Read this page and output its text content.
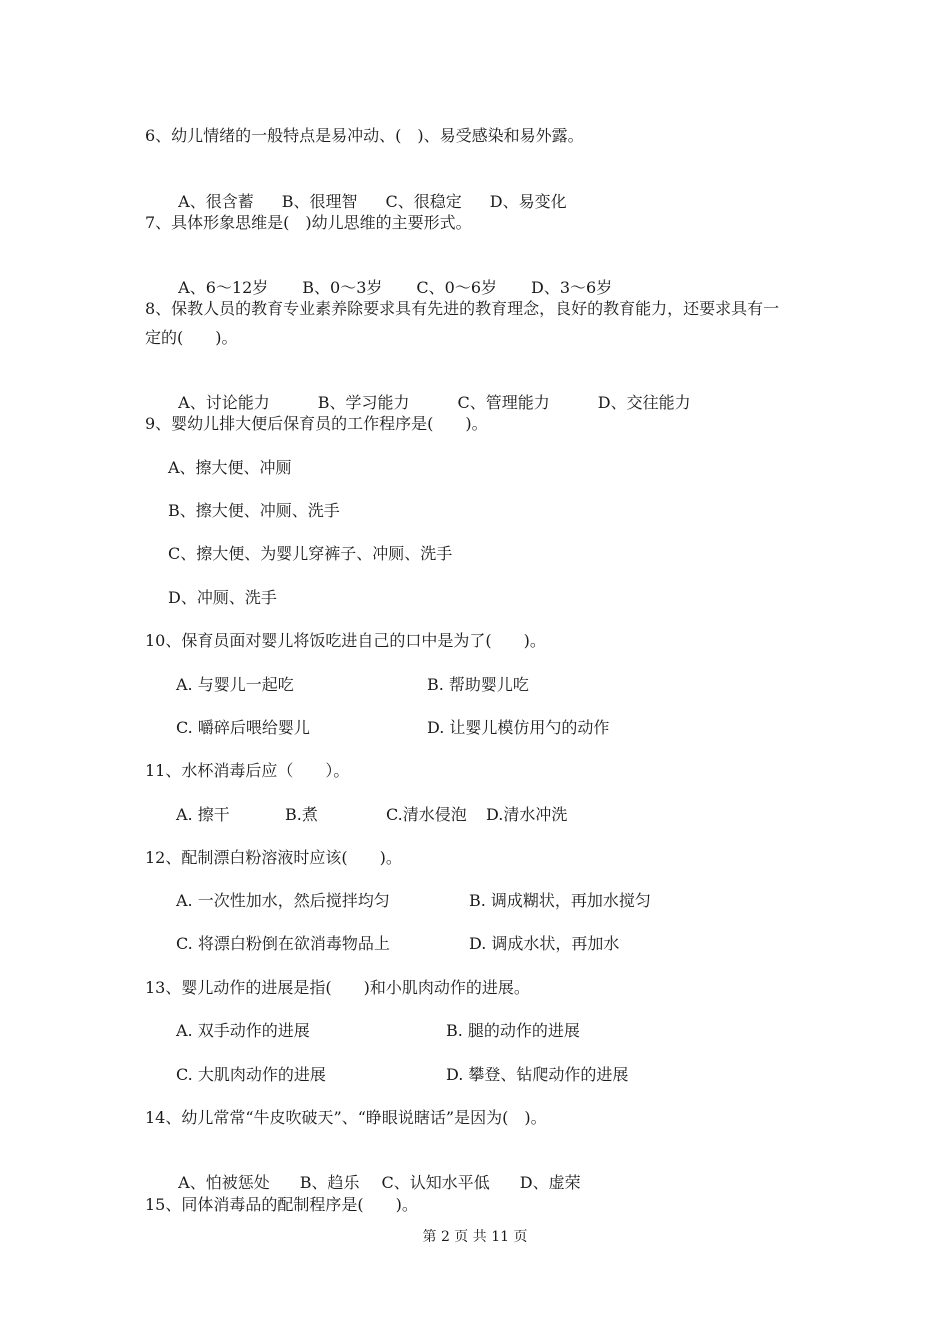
6、幼儿情绪的一般特点是易冲动、(　)、易受感染和易外露。

A、很含蓄 B、很理智 C、很稳定 D、易变化

7、具体形象思维是(　)幼儿思维的主要形式。

A、6～12岁 B、0～3岁 C、0～6岁 D、3～6岁

8、保教人员的教育专业素养除要求具有先进的教育理念，良好的教育能力，还要求具有一
定的(　　)。

A、讨论能力	B、学习能力	C、管理能力	D、交往能力

9、婴幼儿排大便后保育员的工作程序是(　　)。
A、擦大便、冲厕
B、擦大便、冲厕、洗手
C、擦大便、为婴儿穿裤子、冲厕、洗手
D、冲厕、洗手
10、保育员面对婴儿将饭吃进自己的口中是为了(　　)。
A. 与婴儿一起吃	B. 帮助婴儿吃
C. 嚼碎后喂给婴儿	D. 让婴儿模仿用勺的动作
11、水杯消毒后应（　　）。
A. 擦干	B.煮	C.清水侵泡 D.清水冲洗
12、配制漂白粉溶液时应该(　　)。
A. 一次性加水，然后搅拌均匀	B. 调成糊状，再加水搅匀
C. 将漂白粉倒在欲消毒物品上	D. 调成水状，再加水
13、婴儿动作的进展是指(　　)和小肌肉动作的进展。
A. 双手动作的进展	B. 腿的动作的进展
C. 大肌肉动作的进展	D. 攀登、钻爬动作的进展
14、幼儿常常“牛皮吹破天”、“睁眼说瞎话”是因为(　)。

A、怕被惩处 B、趋乐 C、认知水平低 D、虚荣

15、同体消毒品的配制程序是(　　)。
第 2 页 共 11 页
